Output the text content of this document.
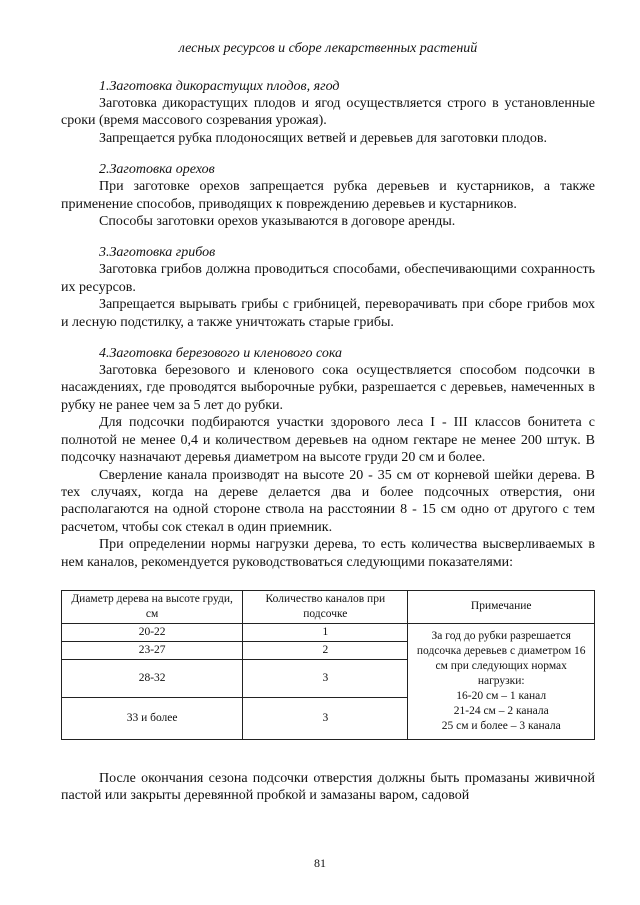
лесных ресурсов и сборе лекарственных растений
1.Заготовка дикорастущих плодов, ягод

Заготовка дикорастущих плодов и ягод осуществляется строго в установленные сроки (время массового созревания урожая).

Запрещается рубка плодоносящих ветвей и деревьев для заготовки плодов.

2.Заготовка орехов

При заготовке орехов запрещается рубка деревьев и кустарников, а также применение способов, приводящих к повреждению деревьев и кустарников.

Способы заготовки орехов указываются в договоре аренды.

3.Заготовка грибов

Заготовка грибов должна проводиться способами, обеспечивающими сохранность их ресурсов.

Запрещается вырывать грибы с грибницей, переворачивать при сборе грибов мох и лесную подстилку, а также уничтожать старые грибы.

4.Заготовка березового и кленового сока

Заготовка березового и кленового сока осуществляется способом подсочки в насаждениях, где проводятся выборочные рубки, разрешается с деревьев, намеченных в рубку не ранее чем за 5 лет до рубки.

Для подсочки подбираются участки здорового леса I - III классов бонитета с полнотой не менее 0,4 и количеством деревьев на одном гектаре не менее 200 штук. В подсочку назначают деревья диаметром на высоте груди 20 см и более.

Сверление канала производят на высоте 20 - 35 см от корневой шейки дерева. В тех случаях, когда на дереве делается два и более подсочных отверстия, они располагаются на одной стороне ствола на расстоянии 8 - 15 см одно от другого с тем расчетом, чтобы сок стекал в один приемник.

При определении нормы нагрузки дерева, то есть количества высверливаемых в нем каналов, рекомендуется руководствоваться следующими показателями:

Диаметр дерева на высоте груди, см	Количество каналов при подсочке	Примечание
20-22	1	За год до рубки разрешается подсочка деревьев с диаметром 16 см при следующих нормах нагрузки:
16-20 см – 1 канал
21-24 см – 2 канала
25 см и более – 3 канала

23-27	2	
28-32	3	
33 и более	3	

После окончания сезона подсочки отверстия должны быть промазаны живичной пастой или закрыты деревянной пробкой и замазаны варом, садовой

81
